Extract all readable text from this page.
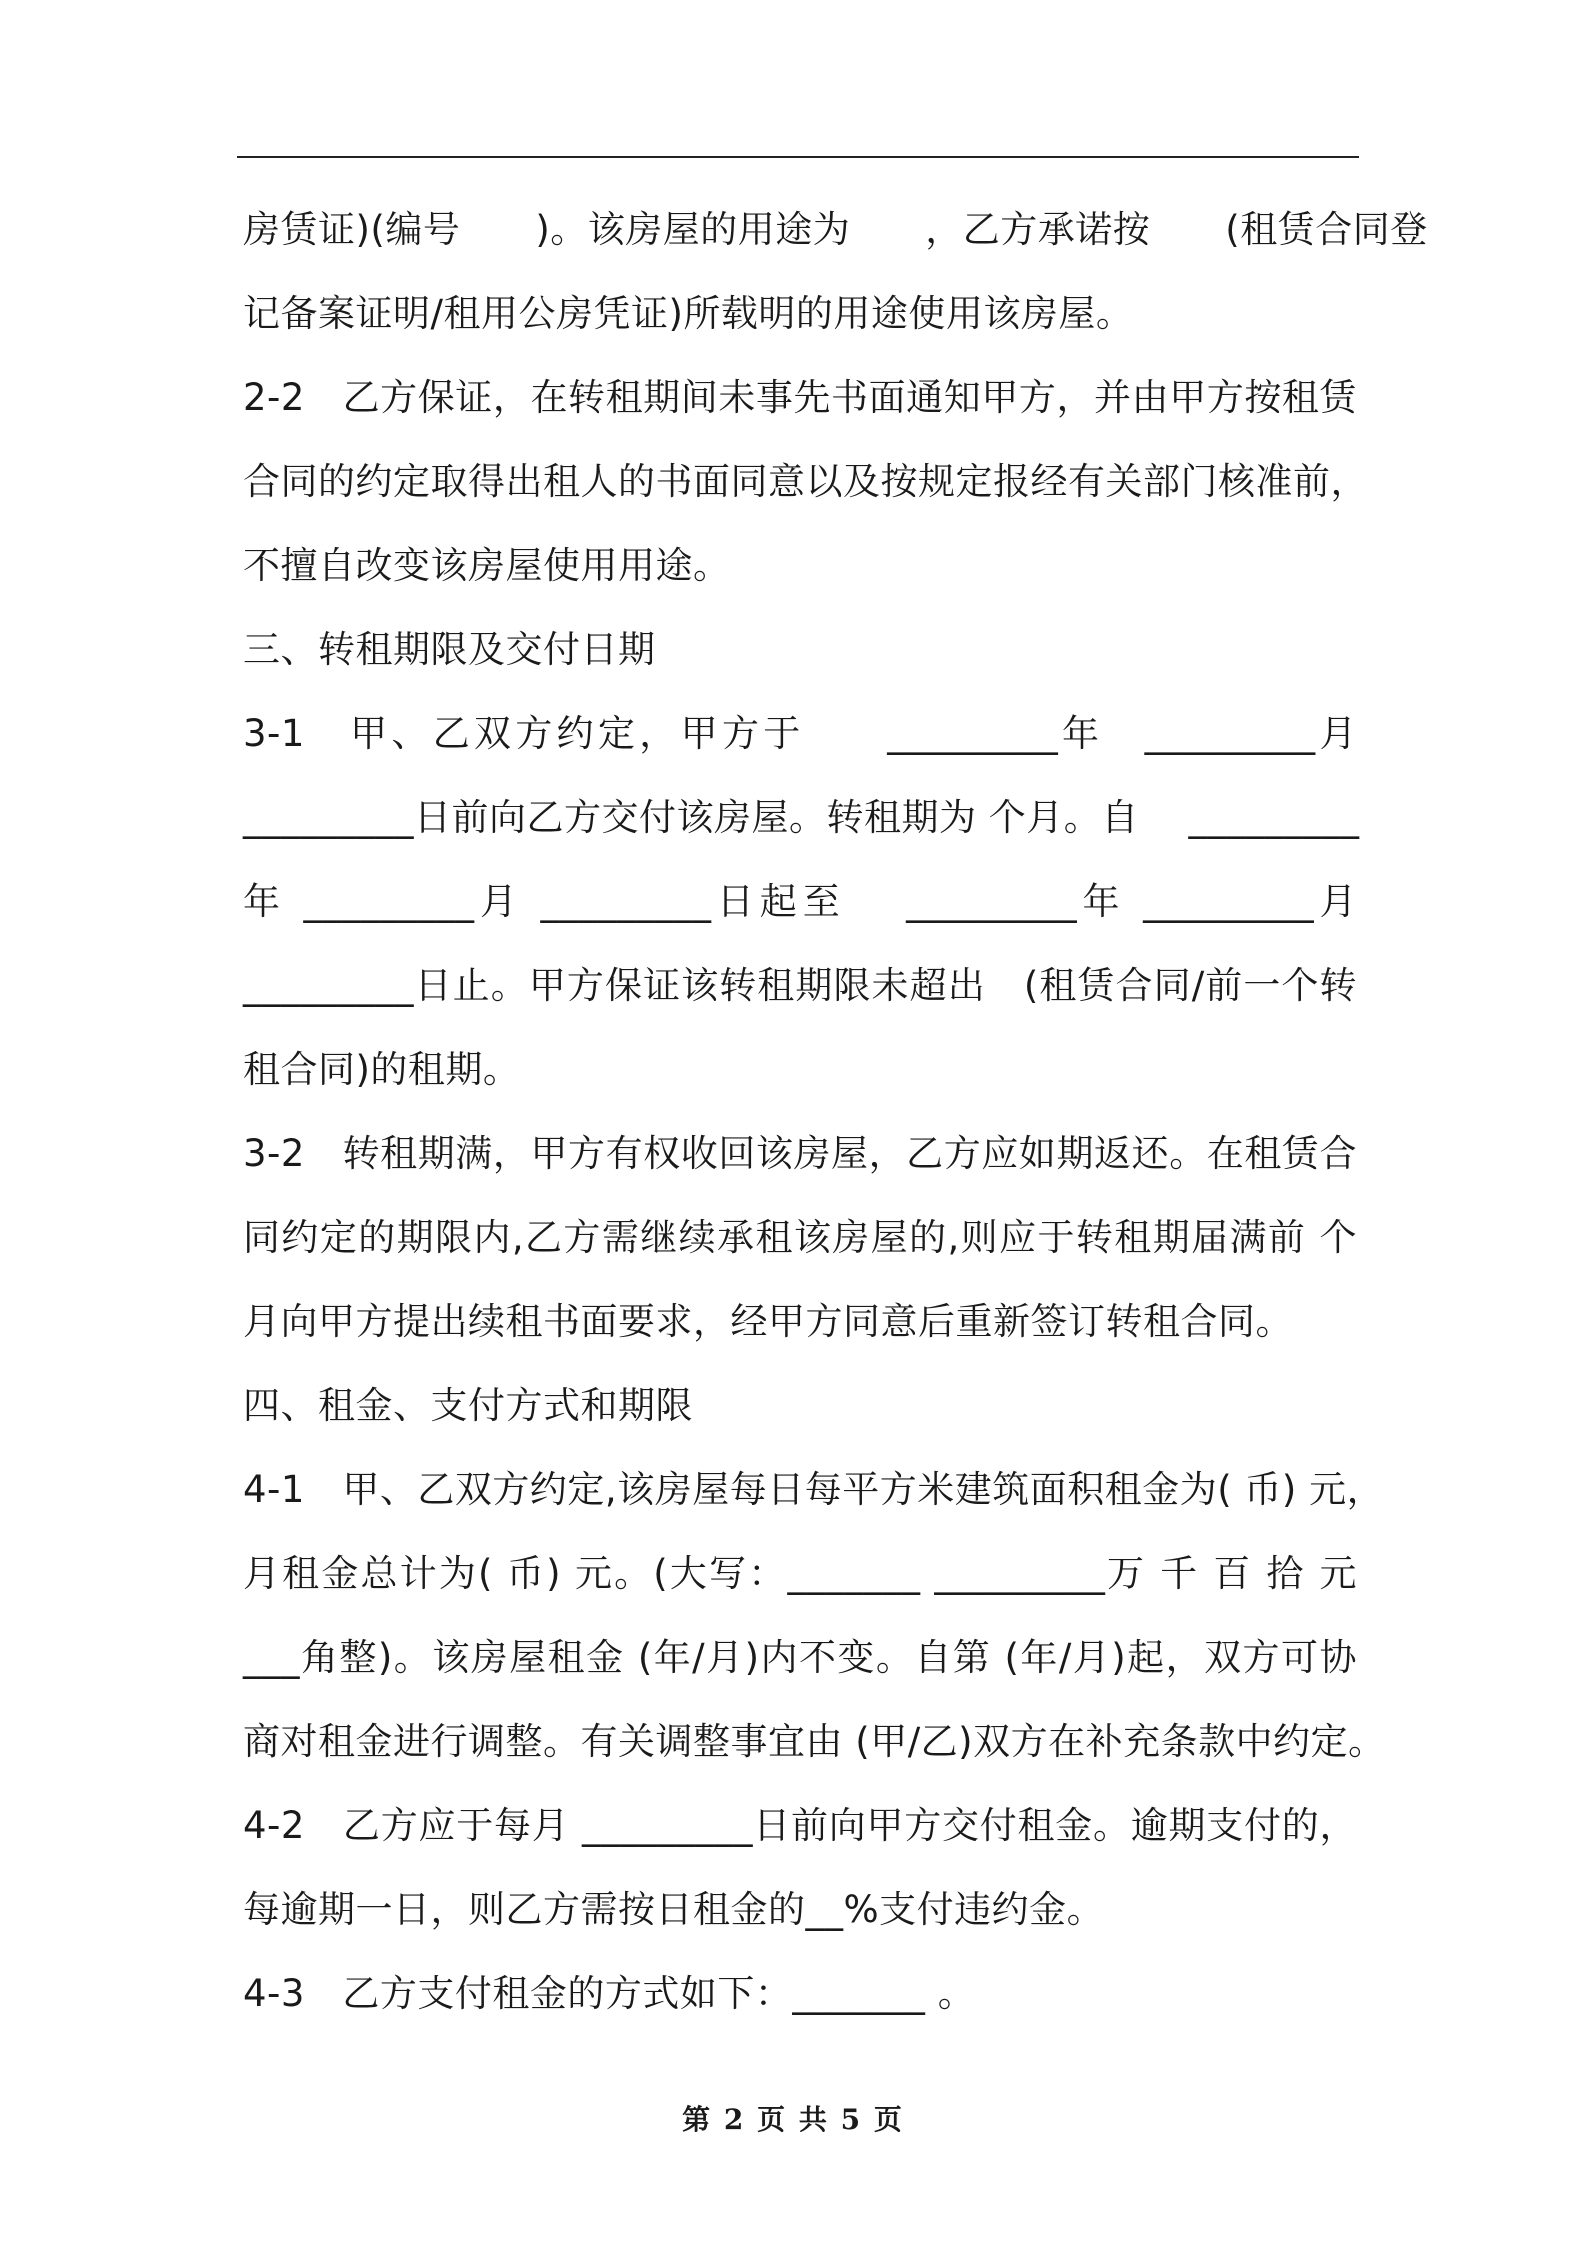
房赁证)(编号　　)。该房屋的用途为　　，乙方承诺按　　(租赁合同登
记备案证明/租用公房凭证)所载明的用途使用该房屋。
2-2　乙方保证，在转租期间未事先书面通知甲方，并由甲方按租赁
合同的约定取得出租人的书面同意以及按规定报经有关部门核准前，
不擅自改变该房屋使用用途。
三、转租期限及交付日期
3-1　甲、乙双方约定，甲方于　　_________年　_________月
_________日前向乙方交付该房屋。转租期为 个月。自　 _________
年 _________月 _________日起至　 _________年 _________月
_________日止。甲方保证该转租期限未超出　(租赁合同/前一个转
租合同)的租期。
3-2　转租期满，甲方有权收回该房屋，乙方应如期返还。在租赁合
同约定的期限内,乙方需继续承租该房屋的,则应于转租期届满前 个
月向甲方提出续租书面要求，经甲方同意后重新签订转租合同。
四、租金、支付方式和期限
4-1　甲、乙双方约定,该房屋每日每平方米建筑面积租金为( 币) 元，
月租金总计为( 币) 元。(大写：_______ _________万 千 百 拾 元
___角整)。该房屋租金 (年/月)内不变。自第 (年/月)起，双方可协
商对租金进行调整。有关调整事宜由 (甲/乙)双方在补充条款中约定。
4-2　乙方应于每月 _________日前向甲方交付租金。逾期支付的，
每逾期一日，则乙方需按日租金的__%支付违约金。
4-3　乙方支付租金的方式如下：_______ 。
第 2 页 共 5 页
